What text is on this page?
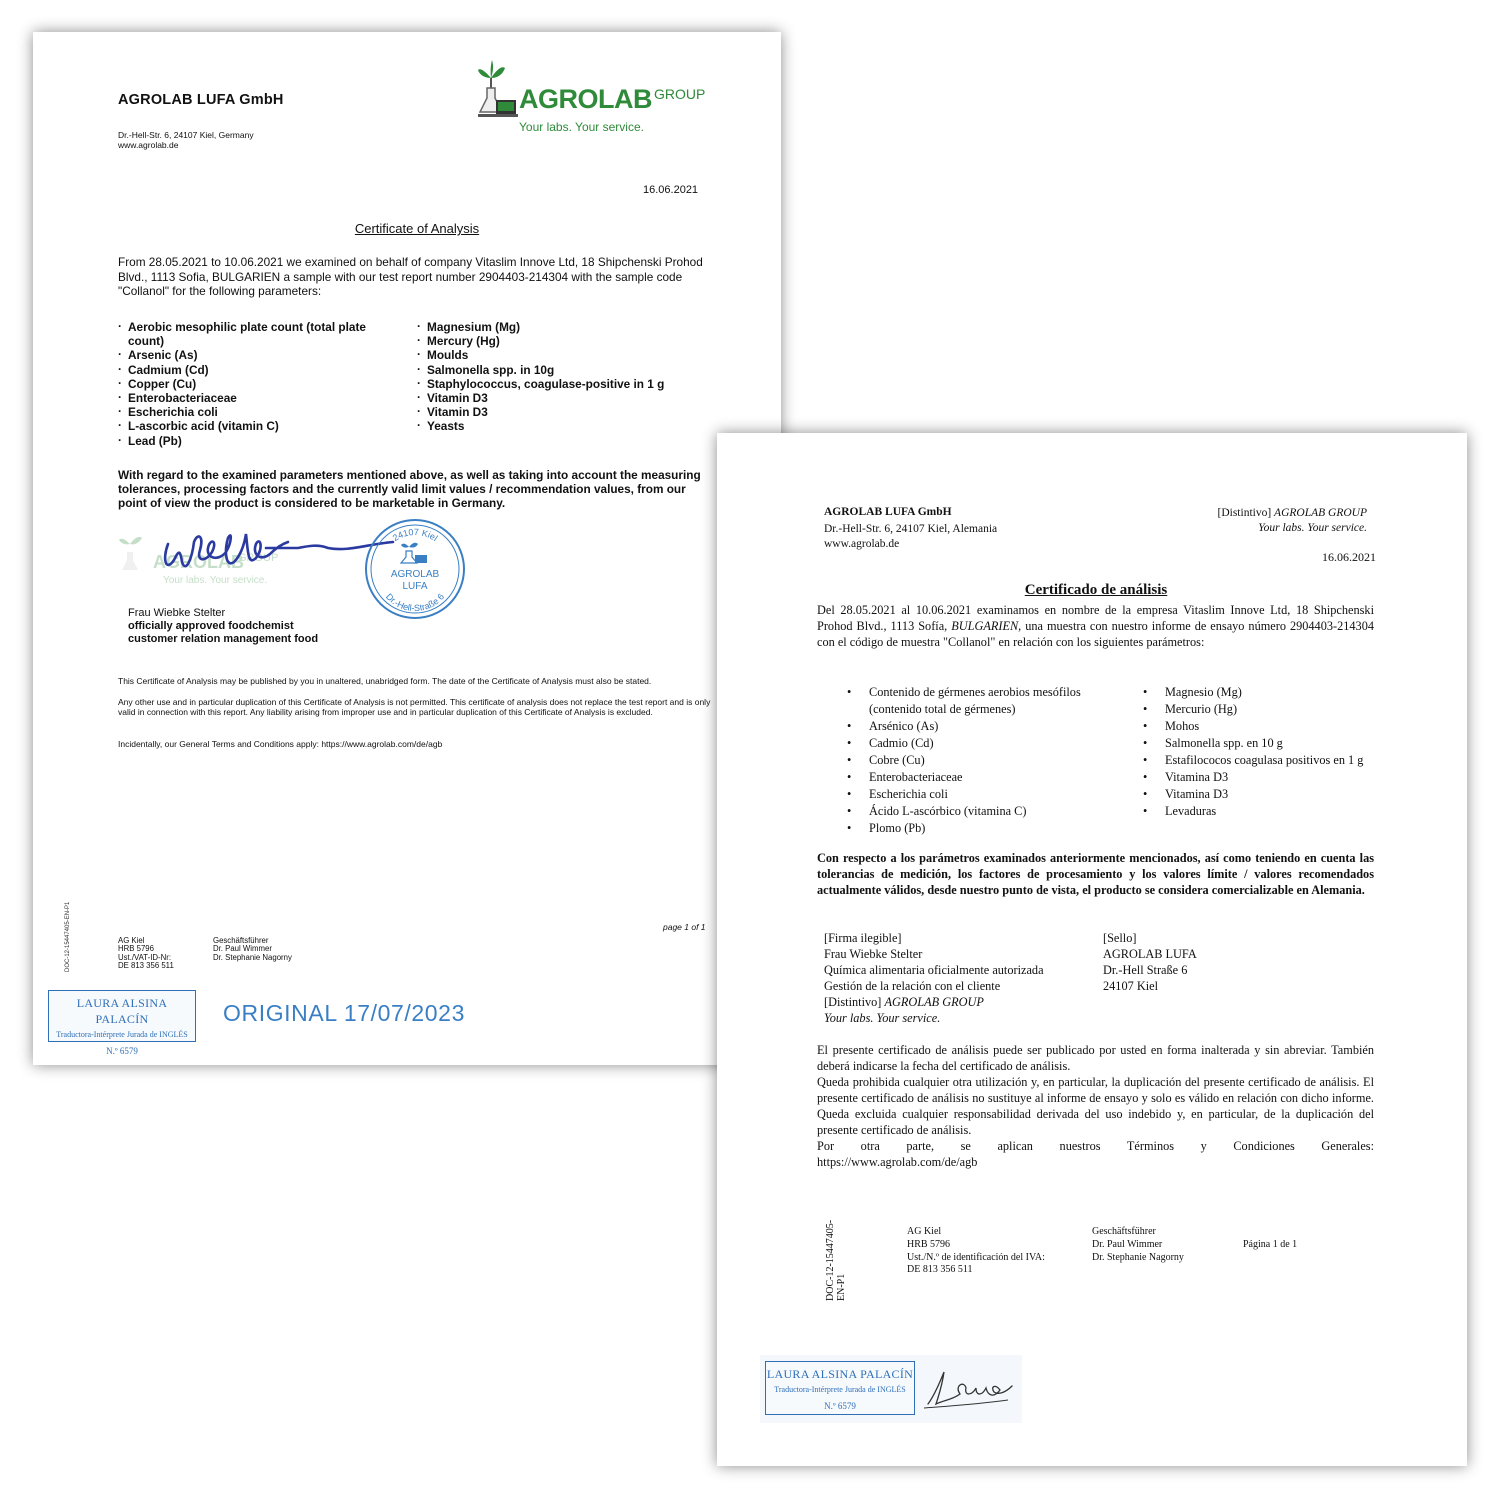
AGROLAB LUFA GmbH
Dr.-Hell-Str. 6, 24107 Kiel, Germany
www.agrolab.de
AGROLAB GROUP
Your labs. Your service.
16.06.2021
Certificate of Analysis
From 28.05.2021 to 10.06.2021 we examined on behalf of company Vitaslim Innove Ltd, 18 Shipchenski Prohod Blvd., 1113 Sofia, BULGARIEN a sample with our test report number 2904403-214304 with the sample code "Collanol" for the following parameters:
· Aerobic mesophilic plate count (total plate count)
· Arsenic (As)
· Cadmium (Cd)
· Copper (Cu)
· Enterobacteriaceae
· Escherichia coli
· L-ascorbic acid (vitamin C)
· Lead (Pb)
· Magnesium (Mg)
· Mercury (Hg)
· Moulds
· Salmonella spp. in 10g
· Staphylococcus, coagulase-positive in 1 g
· Vitamin D3
· Vitamin D3
· Yeasts
With regard to the examined parameters mentioned above, as well as taking into account the measuring tolerances, processing factors and the currently valid limit values / recommendation values, from our point of view the product is considered to be marketable in Germany.
AGROLAB
GROUP
Your labs. Your service.
24107 Kiel
Dr.-Hell-Straße 6
AGROLAB
LUFA
Frau Wiebke Stelter
officially approved foodchemist
customer relation management food
This Certificate of Analysis may be published by you in unaltered, unabridged form. The date of the Certificate of Analysis must also be stated.
Any other use and in particular duplication of this Certificate of Analysis is not permitted. This certificate of analysis does not replace the test report and is only valid in connection with this report. Any liability arising from improper use and in particular duplication of this Certificate of Analysis is excluded.
Incidentally, our General Terms and Conditions apply: https://www.agrolab.com/de/agb
page 1 of 1
DOC-12-15447405-EN-P1	AG Kiel
HRB 5796
Ust./VAT-ID-Nr:
DE 813 356 511
Geschäftsführer
Dr. Paul Wimmer
Dr. Stephanie Nagorny
LAURA ALSINA PALACÍN
Traductora-Intérprete Jurada de INGLÉS
N.º 6579
ORIGINAL 17/07/2023
AGROLAB LUFA GmbH
Dr.-Hell-Str. 6, 24107 Kiel, Alemania
www.agrolab.de
[Distintivo] AGROLAB GROUP
Your labs. Your service.
16.06.2021
Certificado de análisis
Del 28.05.2021 al 10.06.2021 examinamos en nombre de la empresa Vitaslim Innove Ltd, 18 Shipchenski Prohod Blvd., 1113 Sofía, BULGARIEN, una muestra con nuestro informe de ensayo número 2904403-214304 con el código de muestra "Collanol" en relación con los siguientes parámetros:
• Contenido de gérmenes aerobios mesófilos (contenido total de gérmenes)
• Arsénico (As)
• Cadmio (Cd)
• Cobre (Cu)
• Enterobacteriaceae
• Escherichia coli
• Ácido L-ascórbico (vitamina C)
• Plomo (Pb)
• Magnesio (Mg)
• Mercurio (Hg)
• Mohos
• Salmonella spp. en 10 g
• Estafilococos coagulasa positivos en 1 g
• Vitamina D3
• Vitamina D3
• Levaduras
Con respecto a los parámetros examinados anteriormente mencionados, así como teniendo en cuenta las tolerancias de medición, los factores de procesamiento y los valores límite / valores recomendados actualmente válidos, desde nuestro punto de vista, el producto se considera comercializable en Alemania.
[Firma ilegible]
Frau Wiebke Stelter
Química alimentaria oficialmente autorizada
Gestión de la relación con el cliente
[Distintivo] AGROLAB GROUP
Your labs. Your service.
[Sello]
AGROLAB LUFA
Dr.-Hell Straße 6
24107 Kiel

El presente certificado de análisis puede ser publicado por usted en forma inalterada y sin abreviar. También deberá indicarse la fecha del certificado de análisis.

Queda prohibida cualquier otra utilización y, en particular, la duplicación del presente certificado de análisis. El presente certificado de análisis no sustituye al informe de ensayo y solo es válido en relación con dicho informe. Queda excluida cualquier responsabilidad derivada del uso indebido y, en particular, de la duplicación del presente certificado de análisis.

Por otra parte, se aplican nuestros Términos y Condiciones Generales:

https://www.agrolab.com/de/agb

DOC-12-15447405- EN-P1
AG Kiel
HRB 5796
Ust./N.º de identificación del IVA:
DE 813 356 511
Geschäftsführer
Dr. Paul Wimmer
Dr. Stephanie Nagorny
Página 1 de 1
LAURA ALSINA PALACÍN
Traductora-Intérprete Jurada de INGLÉS
N.º 6579
